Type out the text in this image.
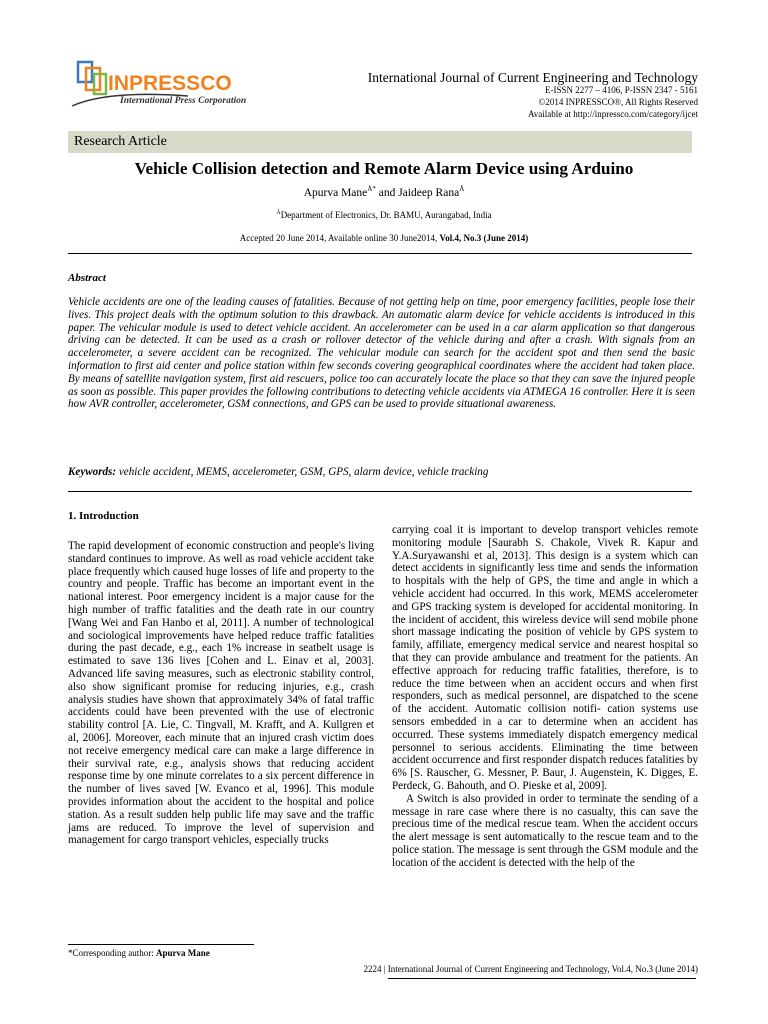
INPRESSCO
International Press Corporation
International Journal of Current Engineering and Technology
E-ISSN 2277 – 4106, P-ISSN 2347 - 5161
©2014 INPRESSCO®, All Rights Reserved
Available at http://inpressco.com/category/ijcet
Research Article
Vehicle Collision detection and Remote Alarm Device using Arduino
Apurva Mane$^{Å*}$ and Jaideep Rana$^Å$
$^Å$Department of Electronics, Dr. BAMU, Aurangabad, India
Accepted 20 June 2014, Available online 30 June2014, Vol.4, No.3 (June 2014)
Abstract
Vehicle accidents are one of the leading causes of fatalities. Because of not getting help on time, poor emergency facilities, people lose their lives. This project deals with the optimum solution to this drawback. An automatic alarm device for vehicle accidents is introduced in this paper. The vehicular module is used to detect vehicle accident. An accelerometer can be used in a car alarm application so that dangerous driving can be detected. It can be used as a crash or rollover detector of the vehicle during and after a crash. With signals from an accelerometer, a severe accident can be recognized. The vehicular module can search for the accident spot and then send the basic information to first aid center and police station within few seconds covering geographical coordinates where the accident had taken place. By means of satellite navigation system, first aid rescuers, police too can accurately locate the place so that they can save the injured people as soon as possible. This paper provides the following contributions to detecting vehicle accidents via ATMEGA 16 controller. Here it is seen how AVR controller, accelerometer, GSM connections, and GPS can be used to provide situational awareness.
Keywords: vehicle accident, MEMS, accelerometer, GSM, GPS, alarm device, vehicle tracking
1. Introduction

The rapid development of economic construction and people's living standard continues to improve. As well as road vehicle accident take place frequently which caused huge losses of life and property to the country and people. Traffic has become an important event in the national interest. Poor emergency incident is a major cause for the high number of traffic fatalities and the death rate in our country [Wang Wei and Fan Hanbo et al, 2011]. A number of technological and sociological improvements have helped reduce traffic fatalities during the past decade, e.g., each 1% increase in seatbelt usage is estimated to save 136 lives [Cohen and L. Einav et al, 2003]. Advanced life saving measures, such as electronic stability control, also show significant promise for reducing injuries, e.g., crash analysis studies have shown that approximately 34% of fatal traffic accidents could have been prevented with the use of electronic stability control [A. Lie, C. Tingvall, M. Krafft, and A. Kullgren et al, 2006]. Moreover, each minute that an injured crash victim does not receive emergency medical care can make a large difference in their survival rate, e.g., analysis shows that reducing accident response time by one minute correlates to a six percent difference in the number of lives saved [W. Evanco et al, 1996]. This module provides information about the accident to the hospital and police station. As a result sudden help public life may save and the traffic jams are reduced. To improve the level of supervision and management for cargo transport vehicles, especially trucks

carrying coal it is important to develop transport vehicles remote monitoring module [Saurabh S. Chakole, Vivek R. Kapur and Y.A.Suryawanshi et al, 2013]. This design is a system which can detect accidents in significantly less time and sends the information to hospitals with the help of GPS, the time and angle in which a vehicle accident had occurred. In this work, MEMS accelerometer and GPS tracking system is developed for accidental monitoring. In the incident of accident, this wireless device will send mobile phone short massage indicating the position of vehicle by GPS system to family, affiliate, emergency medical service and nearest hospital so that they can provide ambulance and treatment for the patients. An effective approach for reducing traffic fatalities, therefore, is to reduce the time between when an accident occurs and when first responders, such as medical personnel, are dispatched to the scene of the accident. Automatic collision notifi- cation systems use sensors embedded in a car to determine when an accident has occurred. These systems immediately dispatch emergency medical personnel to serious accidents. Eliminating the time between accident occurrence and first responder dispatch reduces fatalities by 6% [S. Rauscher, G. Messner, P. Baur, J. Augenstein, K. Digges, E. Perdeck, G. Bahouth, and O. Pieske et al, 2009].

A Switch is also provided in order to terminate the sending of a message in rare case where there is no casualty, this can save the precious time of the medical rescue team. When the accident occurs the alert message is sent automatically to the rescue team and to the police station. The message is sent through the GSM module and the location of the accident is detected with the help of the

*Corresponding author: Apurva Mane
2224 | International Journal of Current Engineering and Technology, Vol.4, No.3 (June 2014)
